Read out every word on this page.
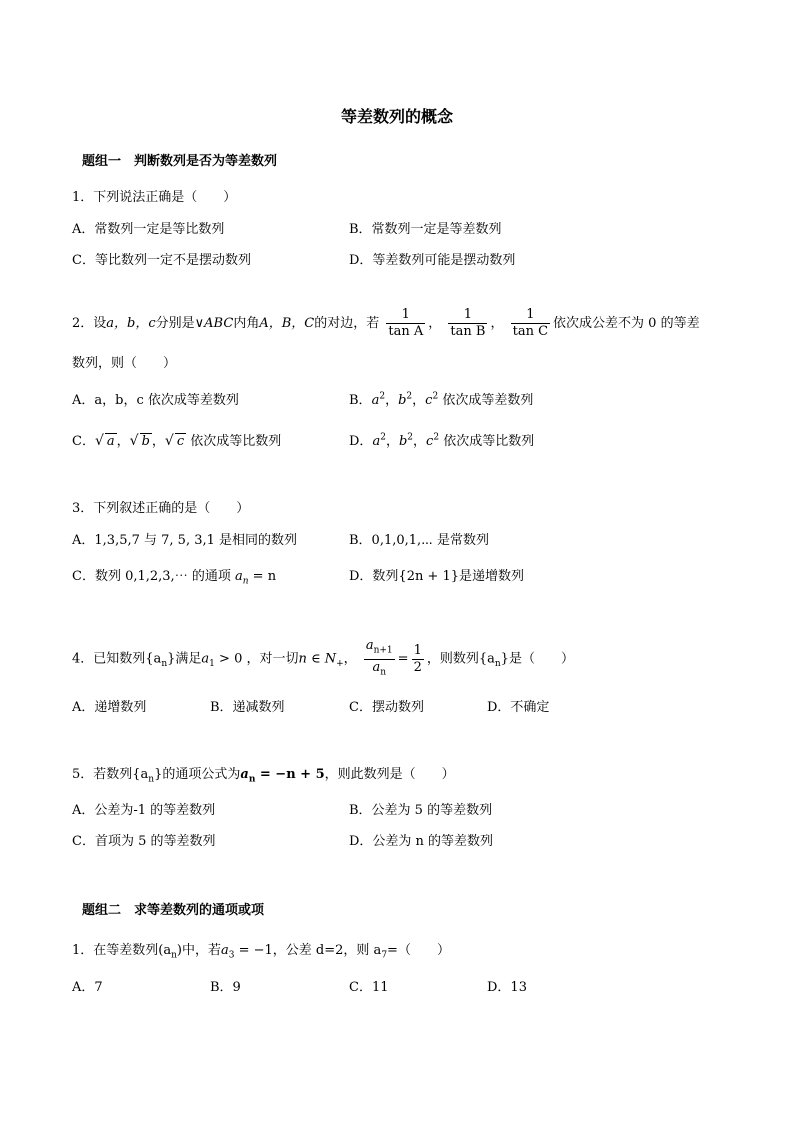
等差数列的概念
题组一　判断数列是否为等差数列
1．下列说法正确是（　　）
A．常数列一定是等比数列	B．常数列一定是等差数列
C．等比数列一定不是摆动数列	D．等差数列可能是摆动数列
2．设a，b，c分别是∨ABC内角A，B，C的对边，若 $\frac{1}{\text{tan A}}$ ， $\frac{1}{\text{tan B}}$ ， $\frac{1}{\text{tan C}}$ 依次成公差不为 0 的等差
数列，则（　　）
A．a，b，c 依次成等差数列	B．$a^2$，$b^2$，$c^2$ 依次成等差数列
C．√ a ，√ b ，√ c 依次成等比数列	D．$a^2$，$b^2$，$c^2$ 依次成等比数列
3．下列叙述正确的是（　　）
A．1,3,5,7 与 7, 5, 3,1 是相同的数列	B．0,1,0,1,⋯ 是常数列
C．数列 0,1,2,3,⋯ 的通项 $a_n = n$	D．数列{2n + 1}是递增数列
4．已知数列$\{a_n\}$满足$a_1 > 0$ ，对一切n ∈ $N_+$， $\frac{a_{n+1}}{a_n} = \frac{1}{2}$ ，则数列$\{a_n\}$是（　　）
A．递增数列	B．递减数列	C．摆动数列	D．不确定
5．若数列$\{a_n\}$的通项公式为$a_n = -n + 5$，则此数列是（　　）
A．公差为-1 的等差数列	B．公差为 5 的等差数列
C．首项为 5 的等差数列	D．公差为 n 的等差数列
题组二　求等差数列的通项或项
1．在等差数列$(a_n)$中，若$a_3 = -1$，公差 d=2，则 $a_7=$（　　）
A．7	B．9	C．11	D．13
